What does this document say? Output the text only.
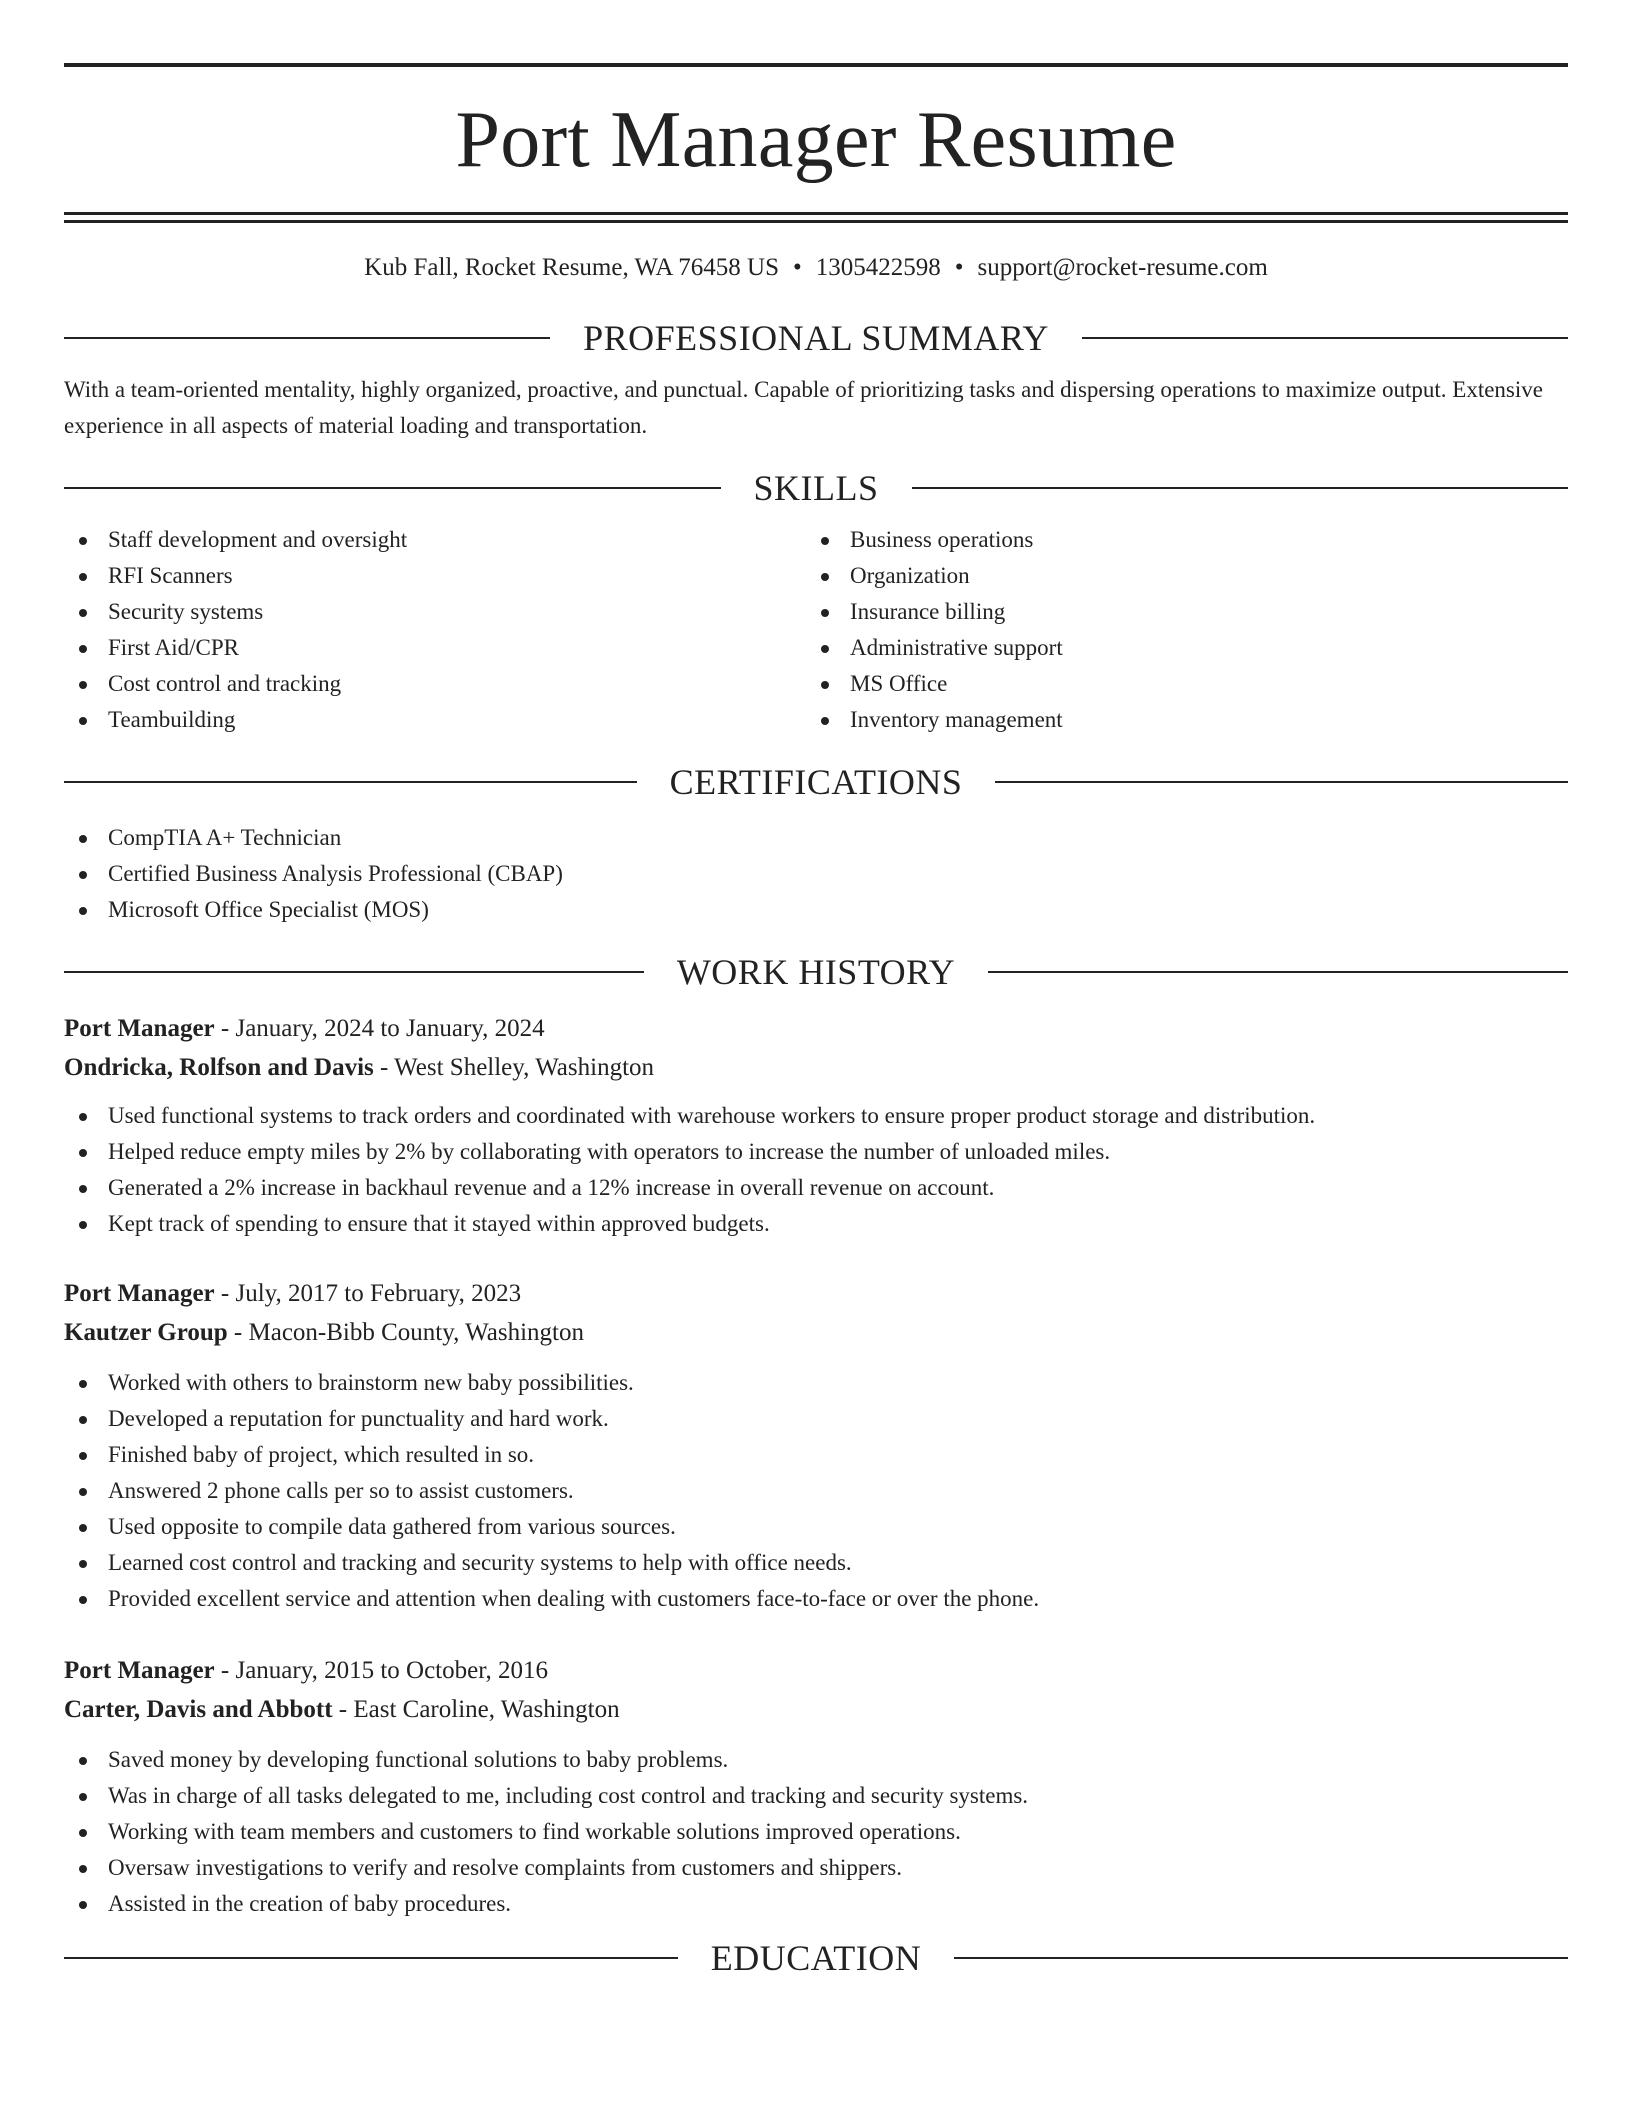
Port Manager Resume
Kub Fall, Rocket Resume, WA 76458 US • 1305422598 • support@rocket-resume.com
PROFESSIONAL SUMMARY

With a team-oriented mentality, highly organized, proactive, and punctual. Capable of prioritizing tasks and dispersing operations to maximize output. Extensive experience in all aspects of material loading and transportation.

SKILLS
Staff development and oversight
RFI Scanners
Security systems
First Aid/CPR
Cost control and tracking
Teambuilding
Business operations
Organization
Insurance billing
Administrative support
MS Office
Inventory management
CERTIFICATIONS
CompTIA A+ Technician
Certified Business Analysis Professional (CBAP)
Microsoft Office Specialist (MOS)
WORK HISTORY
Port Manager - January, 2024 to January, 2024
Ondricka, Rolfson and Davis - West Shelley, Washington
Used functional systems to track orders and coordinated with warehouse workers to ensure proper product storage and distribution.
Helped reduce empty miles by 2% by collaborating with operators to increase the number of unloaded miles.
Generated a 2% increase in backhaul revenue and a 12% increase in overall revenue on account.
Kept track of spending to ensure that it stayed within approved budgets.
Port Manager - July, 2017 to February, 2023
Kautzer Group - Macon-Bibb County, Washington
Worked with others to brainstorm new baby possibilities.
Developed a reputation for punctuality and hard work.
Finished baby of project, which resulted in so.
Answered 2 phone calls per so to assist customers.
Used opposite to compile data gathered from various sources.
Learned cost control and tracking and security systems to help with office needs.
Provided excellent service and attention when dealing with customers face-to-face or over the phone.
Port Manager - January, 2015 to October, 2016
Carter, Davis and Abbott - East Caroline, Washington
Saved money by developing functional solutions to baby problems.
Was in charge of all tasks delegated to me, including cost control and tracking and security systems.
Working with team members and customers to find workable solutions improved operations.
Oversaw investigations to verify and resolve complaints from customers and shippers.
Assisted in the creation of baby procedures.
EDUCATION
